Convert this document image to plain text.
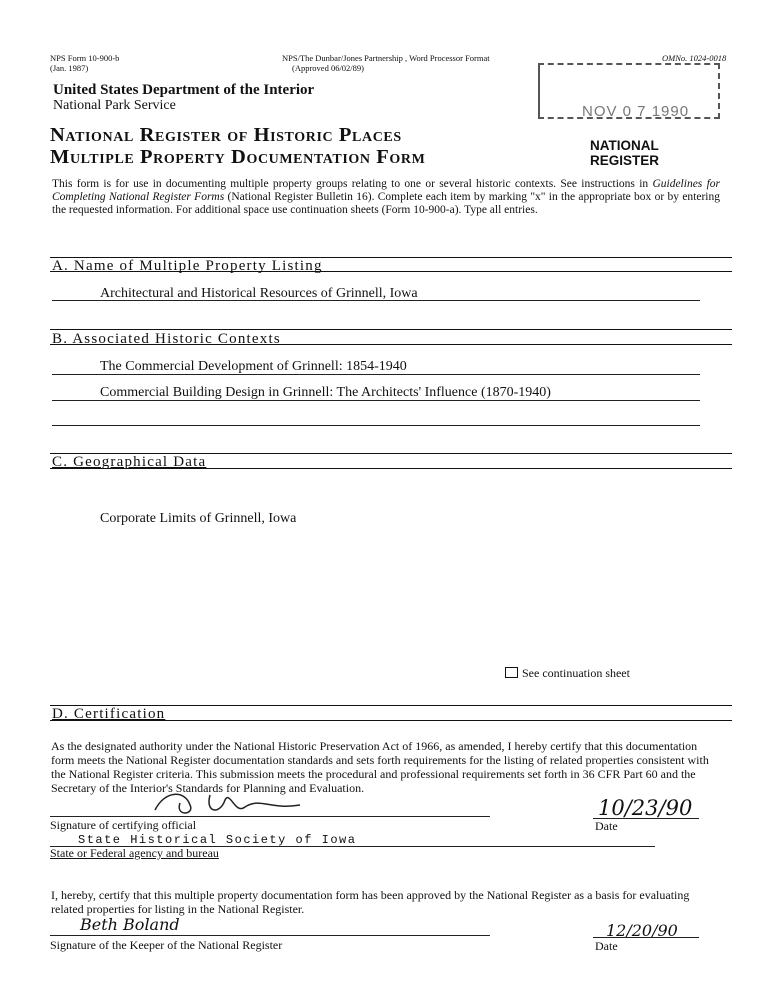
NPS Form 10-900-b
(Jan. 1987)
NPS/The Dunbar/Jones Partnership , Word Processor Format
(Approved 06/02/89)
OMNo. 1024-0018
United States Department of the Interior
National Park Service
National Register of Historic Places
Multiple Property Documentation Form
NOV 0 7 1990
NATIONAL
REGISTER
This form is for use in documenting multiple property groups relating to one or several historic contexts. See instructions in Guidelines for Completing National Register Forms (National Register Bulletin 16). Complete each item by marking "x" in the appropriate box or by entering the requested information. For additional space use continuation sheets (Form 10-900-a). Type all entries.
A. Name of Multiple Property Listing
Architectural and Historical Resources of Grinnell, Iowa
B. Associated Historic Contexts
The Commercial Development of Grinnell: 1854-1940
Commercial Building Design in Grinnell: The Architects' Influence (1870-1940)
C. Geographical Data
Corporate Limits of Grinnell, Iowa
See continuation sheet
D. Certification
As the designated authority under the National Historic Preservation Act of 1966, as amended, I hereby certify that this documentation form meets the National Register documentation standards and sets forth requirements for the listing of related properties consistent with the National Register criteria. This submission meets the procedural and professional requirements set forth in 36 CFR Part 60 and the Secretary of the Interior's Standards for Planning and Evaluation.
Signature of certifying official
10/23/90
Date
State Historical Society of Iowa
State or Federal agency and bureau
I, hereby, certify that this multiple property documentation form has been approved by the National Register as a basis for evaluating related properties for listing in the National Register.
Beth Boland
Signature of the Keeper of the National Register
12/20/90
Date
